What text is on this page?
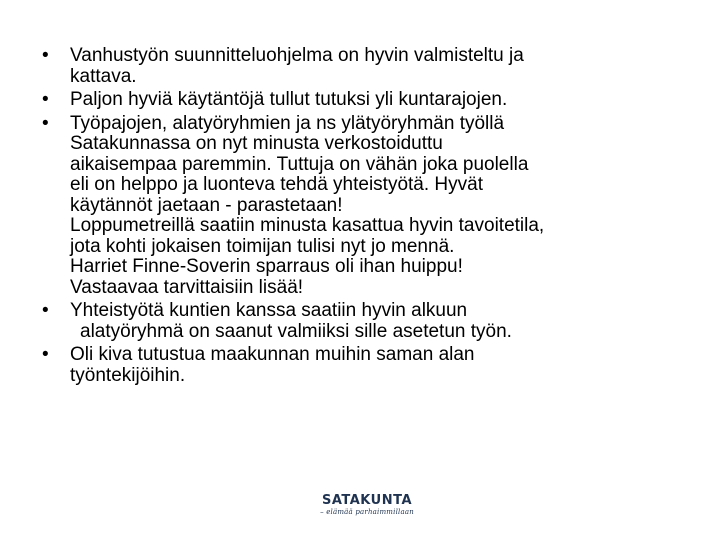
• Vanhustyön suunnitteluohjelma on hyvin valmisteltu ja
kattava.
• Paljon hyviä käytäntöjä tullut tutuksi yli kuntarajojen.
• Työpajojen, alatyöryhmien ja ns ylätyöryhmän työllä
Satakunnassa on nyt minusta verkostoiduttu
aikaisempaa paremmin. Tuttuja on vähän joka puolella
eli on helppo ja luonteva tehdä yhteistyötä. Hyvät
käytännöt jaetaan - parastetaan!
Loppumetreillä saatiin minusta kasattua hyvin tavoitetila,
jota kohti jokaisen toimijan tulisi nyt jo mennä.
Harriet Finne-Soverin sparraus oli ihan huippu!
Vastaavaa tarvittaisiin lisää!
• Yhteistyötä kuntien kanssa saatiin hyvin alkuun
alatyöryhmä on saanut valmiiksi sille asetetun työn.
• Oli kiva tutustua maakunnan muihin saman alan
työntekijöihin.
SATAKUNTA
– elämää parhaimmillaan
